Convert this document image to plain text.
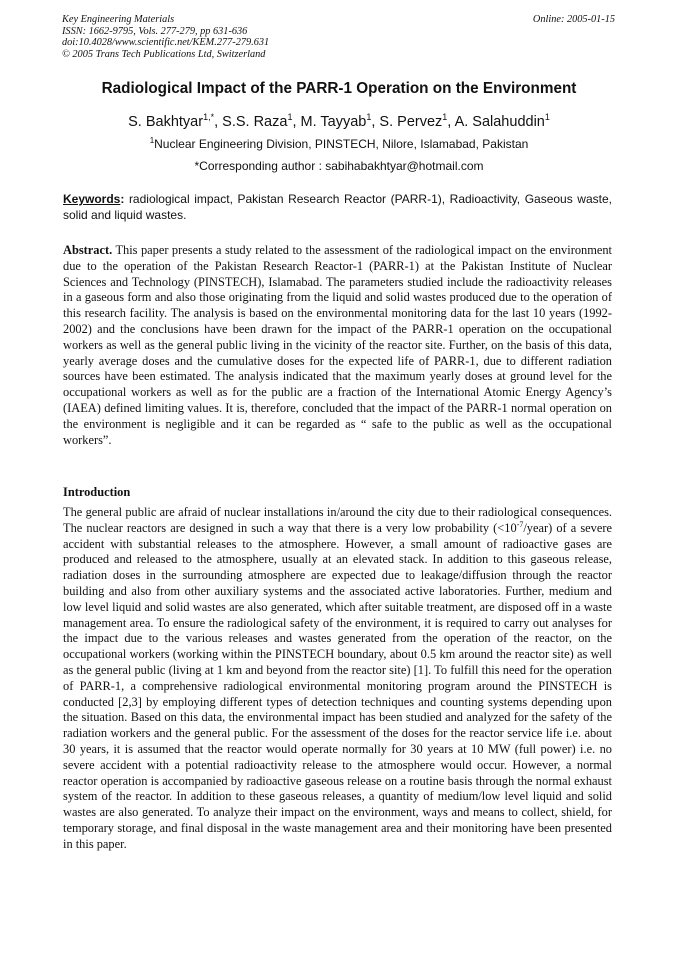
Key Engineering Materials
ISSN: 1662-9795, Vols. 277-279, pp 631-636
doi:10.4028/www.scientific.net/KEM.277-279.631
© 2005 Trans Tech Publications Ltd, Switzerland
Online: 2005-01-15
Radiological Impact of the PARR-1 Operation on the Environment
S. Bakhtyar$^{1,*}$, S.S. Raza$^1$, M. Tayyab$^1$, S. Pervez$^1$, A. Salahuddin$^1$
$^1$Nuclear Engineering Division, PINSTECH, Nilore, Islamabad, Pakistan
*Corresponding author : sabihabakhtyar@hotmail.com
Keywords: radiological impact, Pakistan Research Reactor (PARR-1), Radioactivity, Gaseous waste, solid and liquid wastes.
Abstract. This paper presents a study related to the assessment of the radiological impact on the environment due to the operation of the Pakistan Research Reactor-1 (PARR-1) at the Pakistan Institute of Nuclear Sciences and Technology (PINSTECH), Islamabad. The parameters studied include the radioactivity releases in a gaseous form and also those originating from the liquid and solid wastes produced due to the operation of this research facility. The analysis is based on the environmental monitoring data for the last 10 years (1992-2002) and the conclusions have been drawn for the impact of the PARR-1 operation on the occupational workers as well as the general public living in the vicinity of the reactor site. Further, on the basis of this data, yearly average doses and the cumulative doses for the expected life of PARR-1, due to different radiation sources have been estimated. The analysis indicated that the maximum yearly doses at ground level for the occupational workers as well as for the public are a fraction of the International Atomic Energy Agency’s (IAEA) defined limiting values. It is, therefore, concluded that the impact of the PARR-1 normal operation on the environment is negligible and it can be regarded as “ safe to the public as well as the occupational workers”.
Introduction
The general public are afraid of nuclear installations in/around the city due to their radiological consequences. The nuclear reactors are designed in such a way that there is a very low probability $(<10^{-7}/year)$ of a severe accident with substantial releases to the atmosphere. However, a small amount of radioactive gases are produced and released to the atmosphere, usually at an elevated stack. In addition to this gaseous release, radiation doses in the surrounding atmosphere are expected due to leakage/diffusion through the reactor building and also from other auxiliary systems and the associated active laboratories. Further, medium and low level liquid and solid wastes are also generated, which after suitable treatment, are disposed off in a waste management area. To ensure the radiological safety of the environment, it is required to carry out analyses for the impact due to the various releases and wastes generated from the operation of the reactor, on the occupational workers (working within the PINSTECH boundary, about 0.5 km around the reactor site) as well as the general public (living at 1 km and beyond from the reactor site) [1]. To fulfill this need for the operation of PARR-1, a comprehensive radiological environmental monitoring program around the PINSTECH is conducted [2,3] by employing different types of detection techniques and counting systems depending upon the situation. Based on this data, the environmental impact has been studied and analyzed for the safety of the radiation workers and the general public. For the assessment of the doses for the reactor service life i.e. about 30 years, it is assumed that the reactor would operate normally for 30 years at 10 MW (full power) i.e. no severe accident with a potential radioactivity release to the atmosphere would occur. However, a normal reactor operation is accompanied by radioactive gaseous release on a routine basis through the normal exhaust system of the reactor. In addition to these gaseous releases, a quantity of medium/low level liquid and solid wastes are also generated. To analyze their impact on the environment, ways and means to collect, shield, for temporary storage, and final disposal in the waste management area and their monitoring have been presented in this paper.
